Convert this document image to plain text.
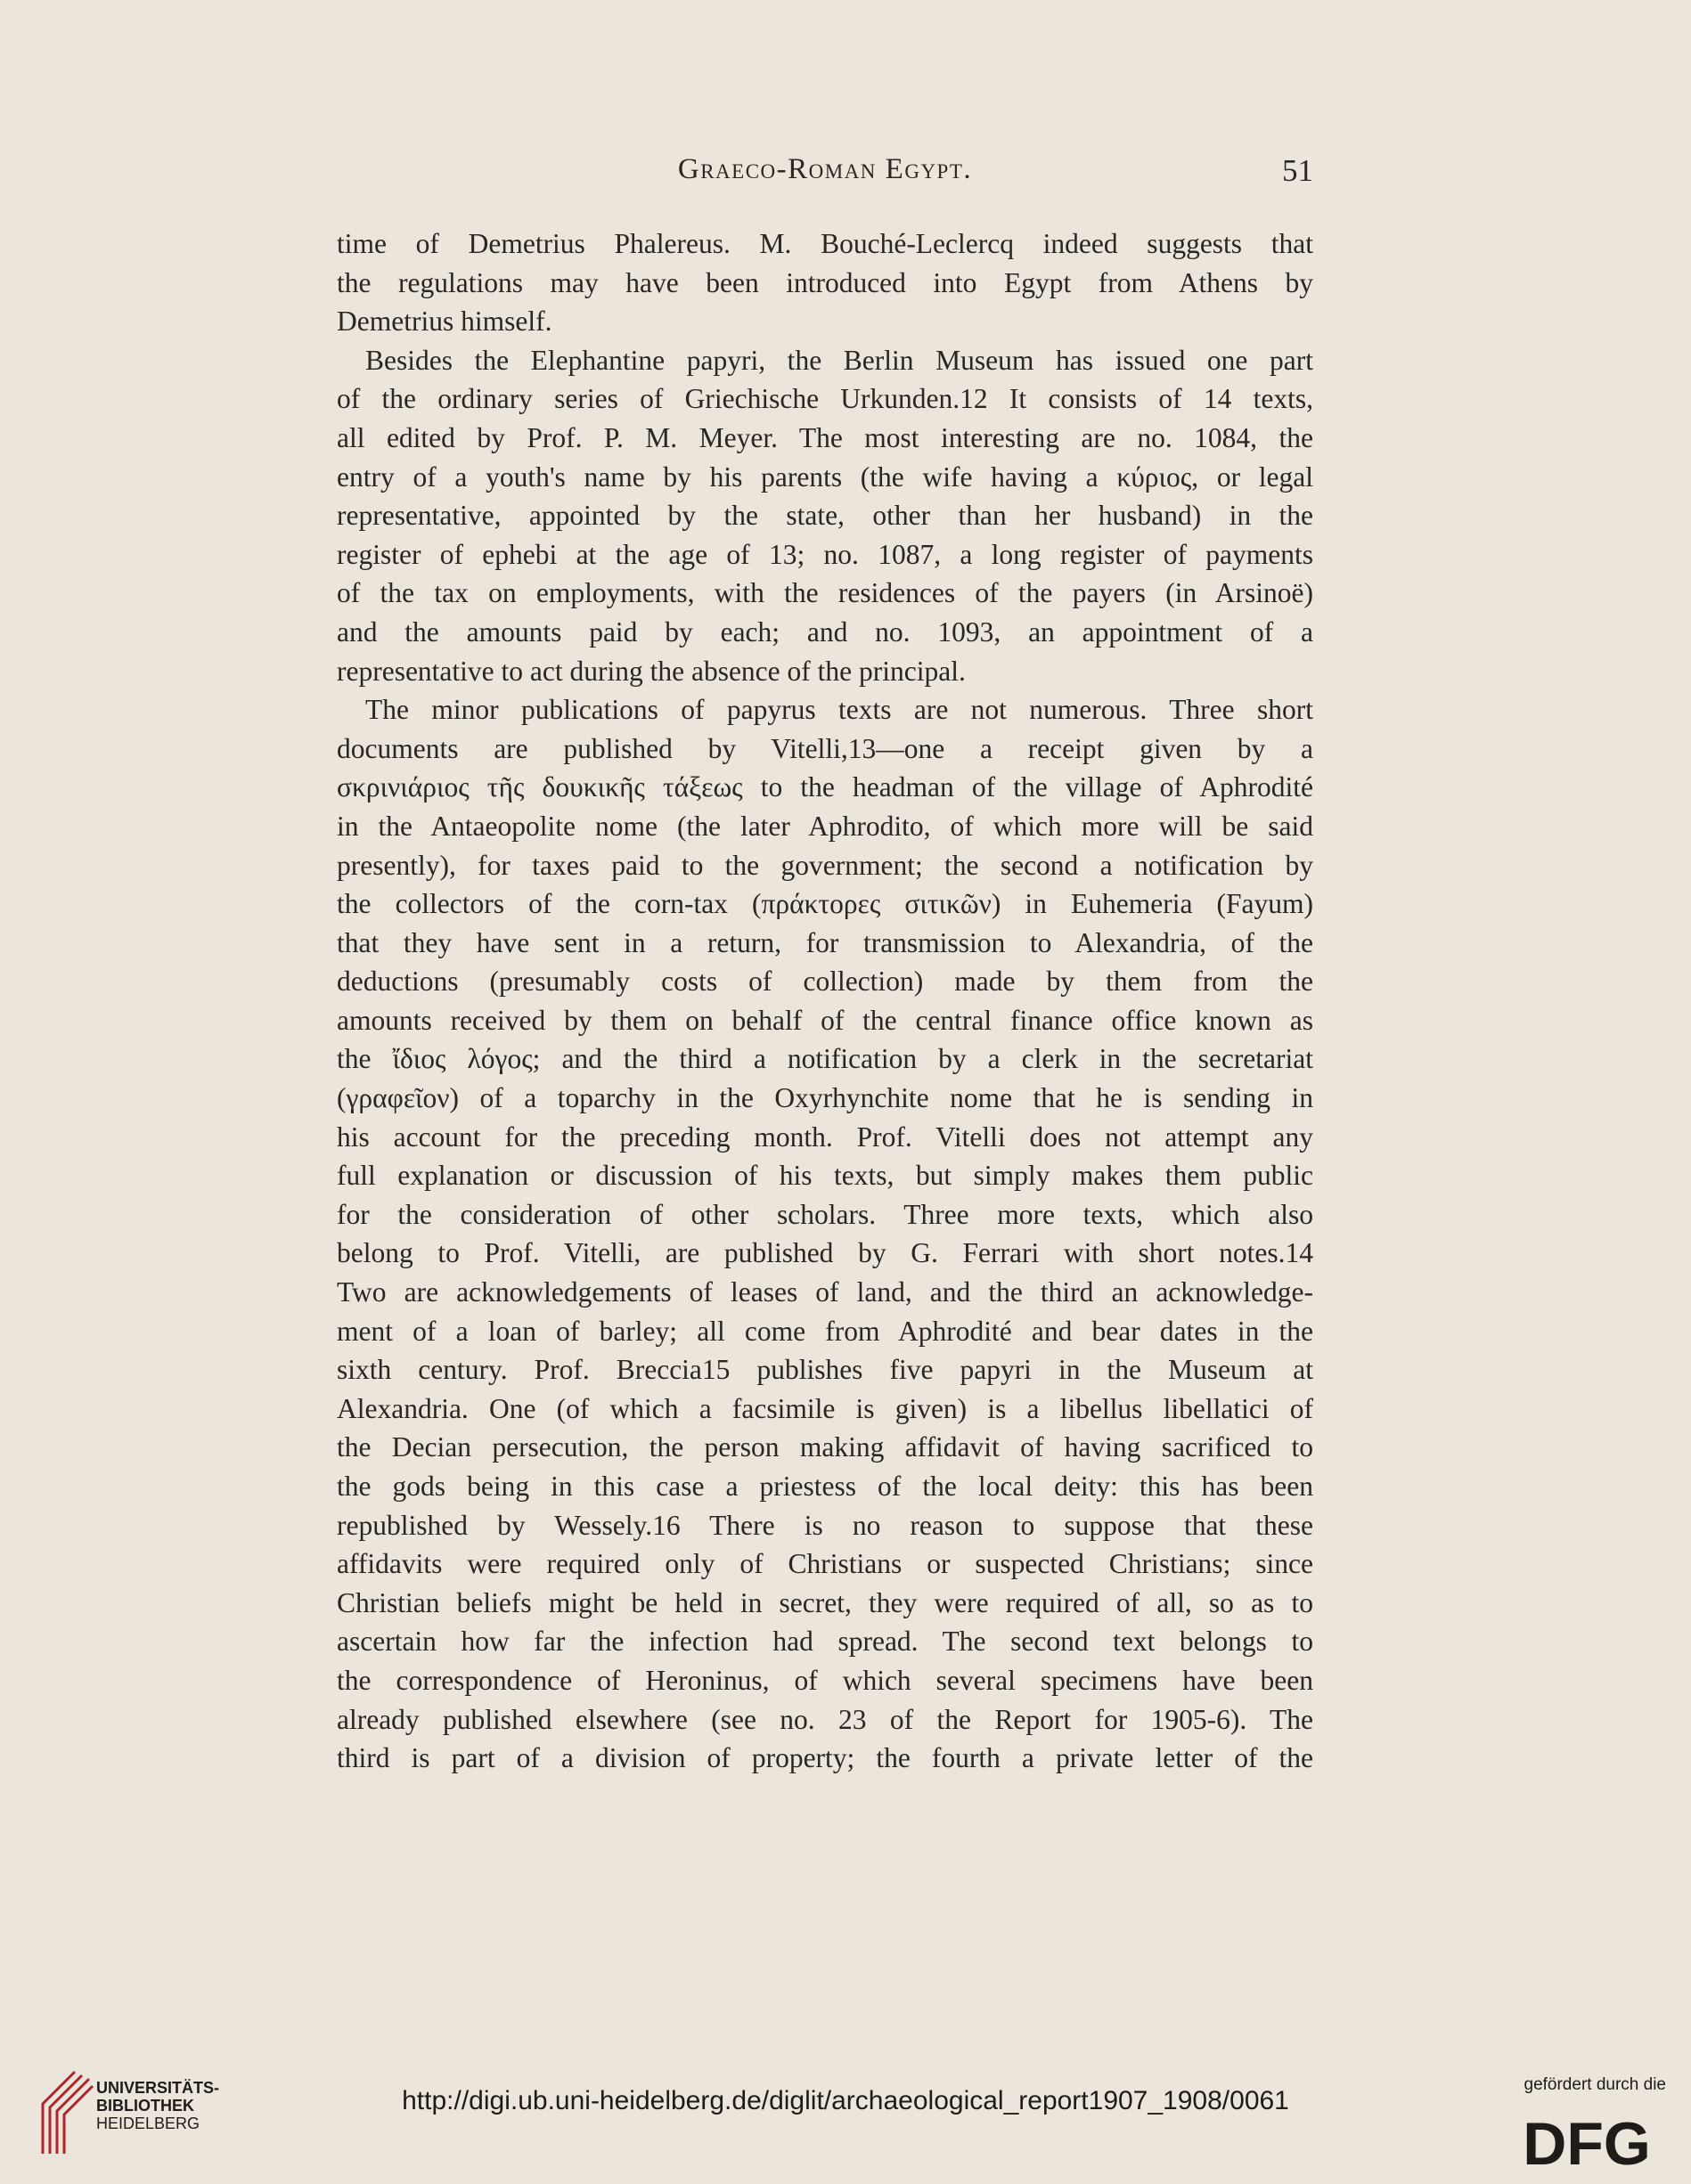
Graeco-Roman Egypt.	51
time of Demetrius Phalereus. M. Bouché-Leclercq indeed suggests that
the regulations may have been introduced into Egypt from Athens by
Demetrius himself.
Besides the Elephantine papyri, the Berlin Museum has issued one part
of the ordinary series of Griechische Urkunden.12 It consists of 14 texts,
all edited by Prof. P. M. Meyer. The most interesting are no. 1084, the
entry of a youth's name by his parents (the wife having a κύριος, or legal
representative, appointed by the state, other than her husband) in the
register of ephebi at the age of 13; no. 1087, a long register of payments
of the tax on employments, with the residences of the payers (in Arsinoë)
and the amounts paid by each; and no. 1093, an appointment of a
representative to act during the absence of the principal.
The minor publications of papyrus texts are not numerous. Three short
documents are published by Vitelli,13—one a receipt given by a
σκρινιάριος τῆς δουκικῆς τάξεως to the headman of the village of Aphrodité
in the Antaeopolite nome (the later Aphrodito, of which more will be said
presently), for taxes paid to the government; the second a notification by
the collectors of the corn-tax (πράκτορες σιτικῶν) in Euhemeria (Fayum)
that they have sent in a return, for transmission to Alexandria, of the
deductions (presumably costs of collection) made by them from the
amounts received by them on behalf of the central finance office known as
the ἴδιος λόγος; and the third a notification by a clerk in the secretariat
(γραφεῖον) of a toparchy in the Oxyrhynchite nome that he is sending in
his account for the preceding month. Prof. Vitelli does not attempt any
full explanation or discussion of his texts, but simply makes them public
for the consideration of other scholars. Three more texts, which also
belong to Prof. Vitelli, are published by G. Ferrari with short notes.14
Two are acknowledgements of leases of land, and the third an acknowledge-
ment of a loan of barley; all come from Aphrodité and bear dates in the
sixth century. Prof. Breccia15 publishes five papyri in the Museum at
Alexandria. One (of which a facsimile is given) is a libellus libellatici of
the Decian persecution, the person making affidavit of having sacrificed to
the gods being in this case a priestess of the local deity: this has been
republished by Wessely.16 There is no reason to suppose that these
affidavits were required only of Christians or suspected Christians; since
Christian beliefs might be held in secret, they were required of all, so as to
ascertain how far the infection had spread. The second text belongs to
the correspondence of Heroninus, of which several specimens have been
already published elsewhere (see no. 23 of the Report for 1905-6). The
third is part of a division of property; the fourth a private letter of the
UNIVERSITÄTS-
BIBLIOTHEK
HEIDELBERG
http://digi.ub.uni-heidelberg.de/diglit/archaeological_report1907_1908/0061
gefördert durch die
DFG
